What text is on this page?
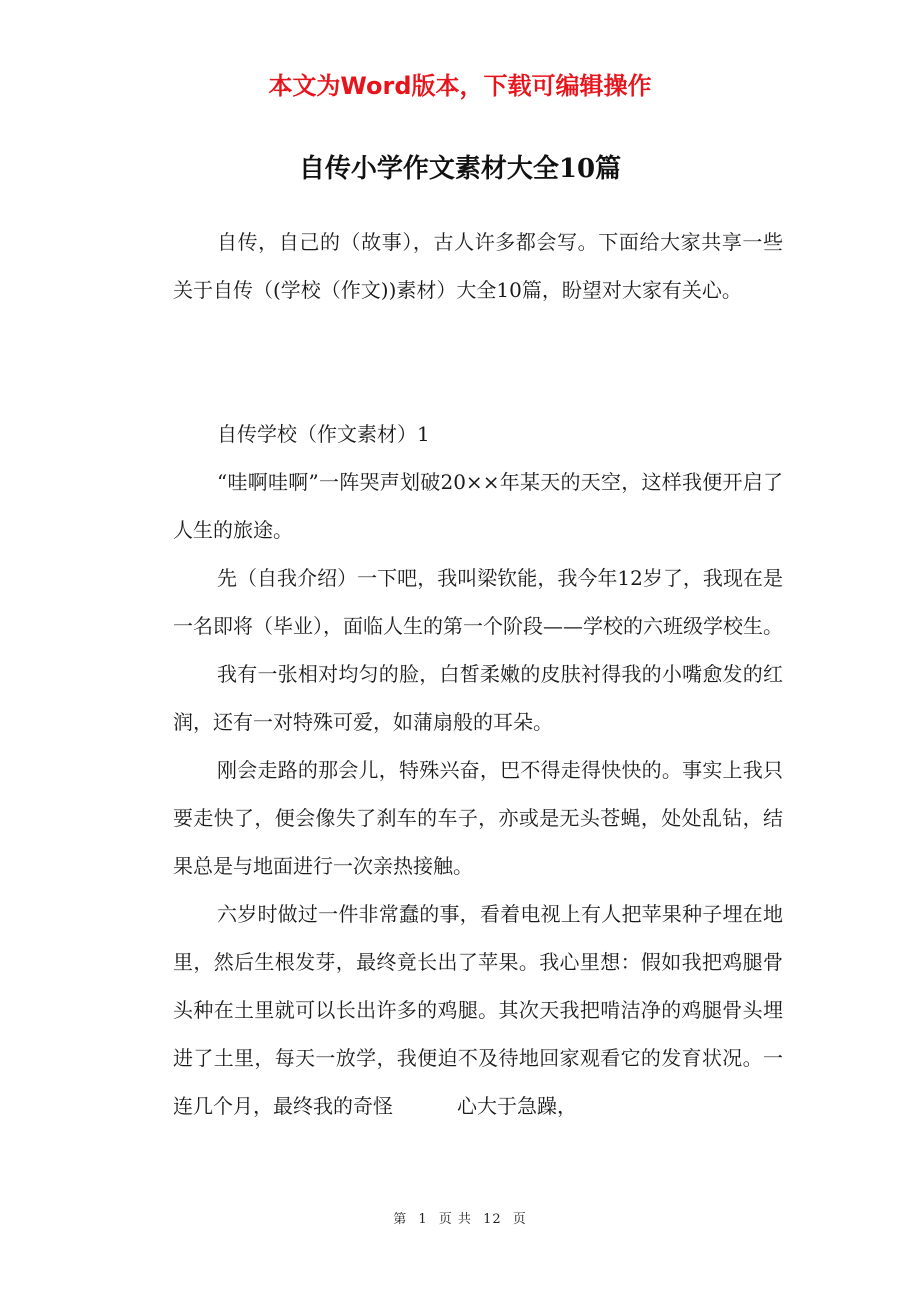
本文为Word版本，下载可编辑操作
自传小学作文素材大全10篇

自传，自己的（故事），古人许多都会写。下面给大家共享一些关于自传（(学校（作文))素材）大全10篇，盼望对大家有关心。

自传学校（作文素材）1

“哇啊哇啊”一阵哭声划破20××年某天的天空，这样我便开启了人生的旅途。

先（自我介绍）一下吧，我叫梁钦能，我今年12岁了，我现在是一名即将（毕业），面临人生的第一个阶段——学校的六班级学校生。

我有一张相对均匀的脸，白皙柔嫩的皮肤衬得我的小嘴愈发的红润，还有一对特殊可爱，如蒲扇般的耳朵。

刚会走路的那会儿，特殊兴奋，巴不得走得快快的。事实上我只要走快了，便会像失了刹车的车子，亦或是无头苍蝇，处处乱钻，结果总是与地面进行一次亲热接触。

六岁时做过一件非常蠢的事，看着电视上有人把苹果种子埋在地里，然后生根发芽，最终竟长出了苹果。我心里想：假如我把鸡腿骨头种在土里就可以长出许多的鸡腿。其次天我把啃洁净的鸡腿骨头埋进了土里，每天一放学，我便迫不及待地回家观看它的发育状况。一连几个月，最终我的奇怪	心大于急躁，

第 1 页 共 12 页
